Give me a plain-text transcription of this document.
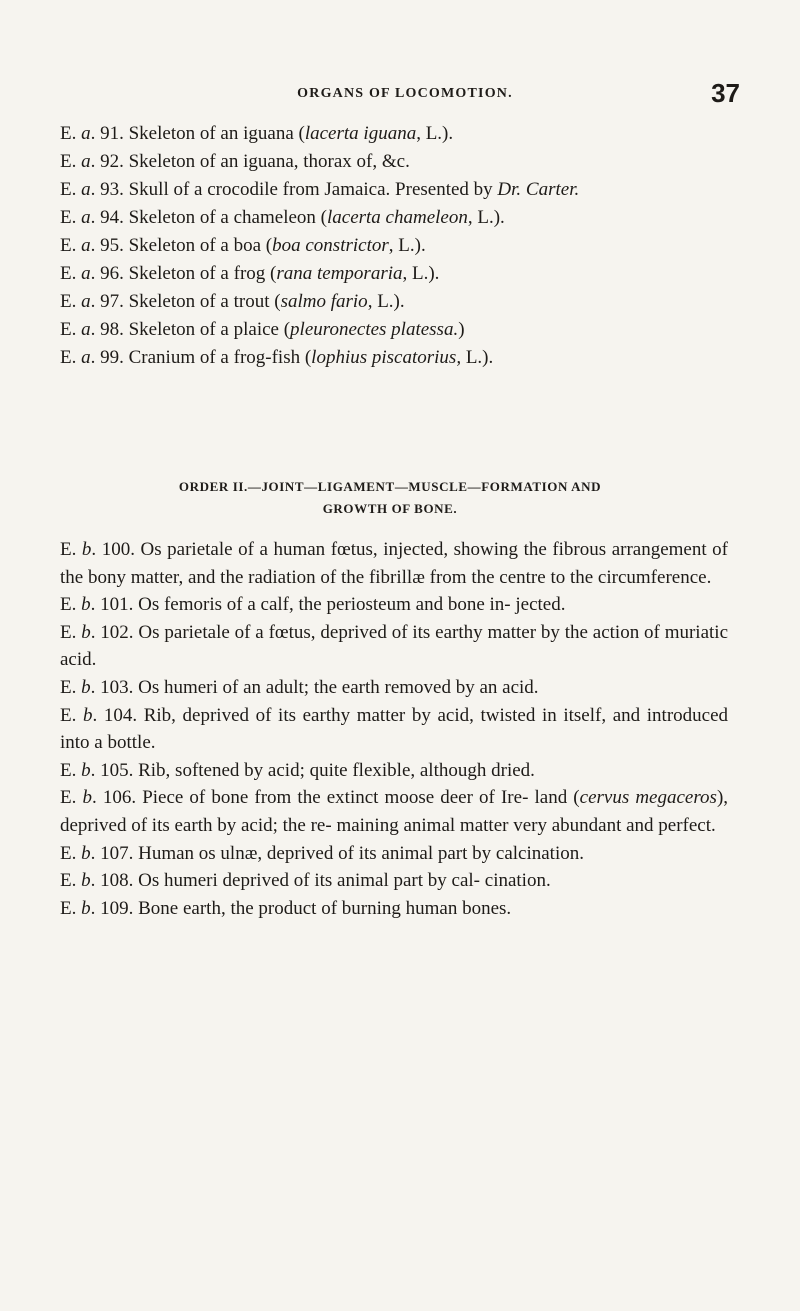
ORGANS OF LOCOMOTION.	37

E. a. 91. Skeleton of an iguana (lacerta iguana, L.).

E. a. 92. Skeleton of an iguana, thorax of, &c.

E. a. 93. Skull of a crocodile from Jamaica. Presented by Dr. Carter.

E. a. 94. Skeleton of a chameleon (lacerta chameleon, L.).

E. a. 95. Skeleton of a boa (boa constrictor, L.).

E. a. 96. Skeleton of a frog (rana temporaria, L.).

E. a. 97. Skeleton of a trout (salmo fario, L.).

E. a. 98. Skeleton of a plaice (pleuronectes platessa.)

E. a. 99. Cranium of a frog-fish (lophius piscatorius, L.).

ORDER II.—JOINT—LIGAMENT—MUSCLE—FORMATION AND
GROWTH OF BONE.

E. b. 100. Os parietale of a human fœtus, injected, showing the fibrous arrangement of the bony matter, and the radiation of the fibrillæ from the centre to the circumference.

E. b. 101. Os femoris of a calf, the periosteum and bone in- jected.

E. b. 102. Os parietale of a fœtus, deprived of its earthy matter by the action of muriatic acid.

E. b. 103. Os humeri of an adult; the earth removed by an acid.

E. b. 104. Rib, deprived of its earthy matter by acid, twisted in itself, and introduced into a bottle.

E. b. 105. Rib, softened by acid; quite flexible, although dried.

E. b. 106. Piece of bone from the extinct moose deer of Ire- land (cervus megaceros), deprived of its earth by acid; the re- maining animal matter very abundant and perfect.

E. b. 107. Human os ulnæ, deprived of its animal part by calcination.

E. b. 108. Os humeri deprived of its animal part by cal- cination.

E. b. 109. Bone earth, the product of burning human bones.
